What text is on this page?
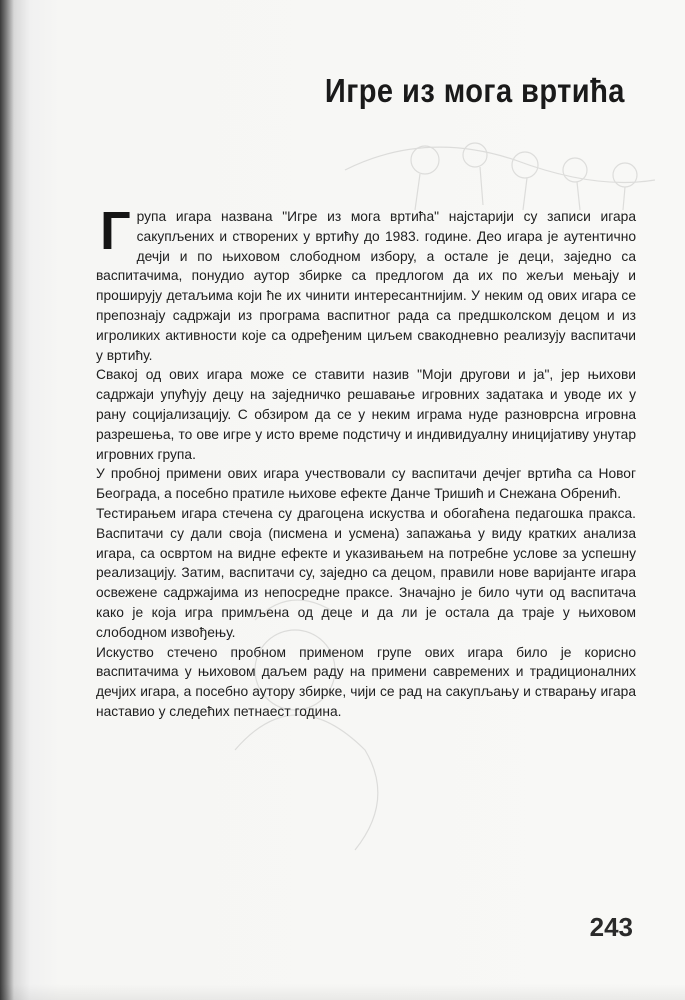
Игре из мога вртића

Група игара названа "Игре из мога вртића" најстарији су записи игара сакупљених и створених у вртићу до 1983. године. Део игара је аутентично дечји и по њиховом слободном избору, а остале је деци, заједно са васпитачима, понудио аутор збирке са предлогом да их по жељи мењају и проширују детаљима који ће их чинити интересантнијим. У неким од ових игара се препознају садржаји из програма васпитног рада са предшколском децом и из игроликих активности које са одређеним циљем свакодневно реализују васпитачи у вртићу.

Свакој од ових игара може се ставити назив "Моји другови и ја", јер њихови садржаји упућују децу на заједничко решавање игровних задатака и уводе их у рану социјализацију. С обзиром да се у неким играма нуде разноврсна игровна разрешења, то ове игре у исто време подстичу и индивидуалну иницијативу унутар игровних група.

У пробној примени ових игара учествовали су васпитачи дечјег вртића са Новог Београда, а посебно пратиле њихове ефекте Данче Тришић и Снежана Обренић.

Тестирањем игара стечена су драгоцена искуства и обогаћена педагошка пракса. Васпитачи су дали своја (писмена и усмена) запажања у виду кратких анализа игара, са освртом на видне ефекте и указивањем на потребне услове за успешну реализацију. Затим, васпитачи су, заједно са децом, правили нове варијанте игара освежене садржајима из непосредне праксе. Значајно је било чути од васпитача како је која игра примљена од деце и да ли је остала да траје у њиховом слободном извођењу.

Искуство стечено пробном применом групе ових игара било је корисно васпитачима у њиховом даљем раду на примени савремених и традиционалних дечјих игара, а посебно аутору збирке, чији се рад на сакупљању и стварању игара наставио у следећих петнаест година.

243
